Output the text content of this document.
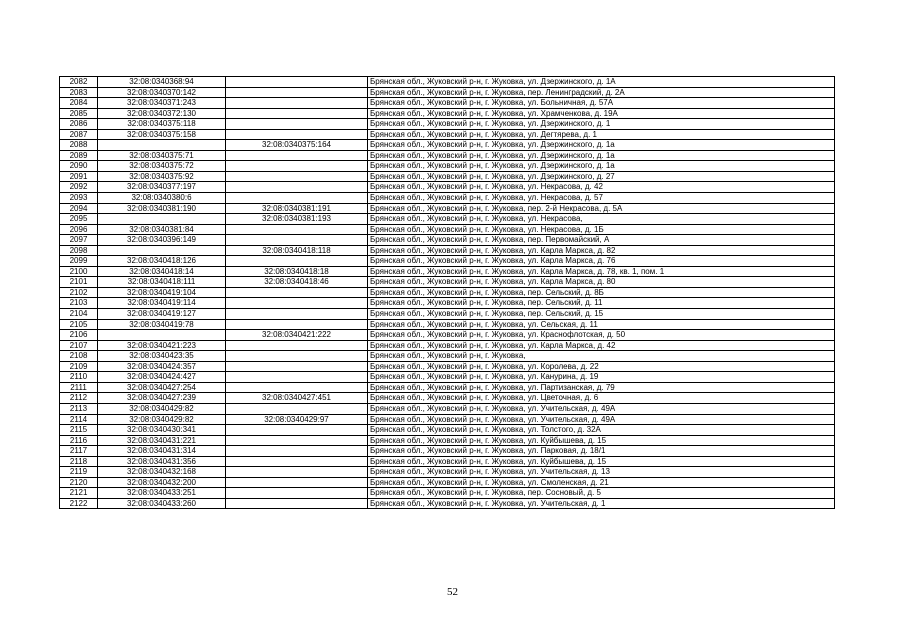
2082	32:08:0340368:94		Брянская обл., Жуковский р-н, г. Жуковка, ул. Дзержинского, д. 1А
2083	32:08:0340370:142		Брянская обл., Жуковский р-н, г. Жуковка, пер. Ленинградский, д. 2А
2084	32:08:0340371:243		Брянская обл., Жуковский р-н, г. Жуковка, ул. Больничная, д. 57А
2085	32:08:0340372:130		Брянская обл., Жуковский р-н, г. Жуковка, ул. Храмченкова, д. 19А
2086	32:08:0340375:118		Брянская обл., Жуковский р-н, г. Жуковка, ул. Дзержинского, д. 1
2087	32:08:0340375:158		Брянская обл., Жуковский р-н, г. Жуковка, ул. Дегтярева, д. 1
2088		32:08:0340375:164	Брянская обл., Жуковский р-н, г. Жуковка, ул. Дзержинского, д. 1а
2089	32:08:0340375:71		Брянская обл., Жуковский р-н, г. Жуковка, ул. Дзержинского, д. 1а
2090	32:08:0340375:72		Брянская обл., Жуковский р-н, г. Жуковка, ул. Дзержинского, д. 1а
2091	32:08:0340375:92		Брянская обл., Жуковский р-н, г. Жуковка, ул. Дзержинского, д. 27
2092	32:08:0340377:197		Брянская обл., Жуковский р-н, г. Жуковка, ул. Некрасова, д. 42
2093	32:08:0340380:6		Брянская обл., Жуковский р-н, г. Жуковка, ул. Некрасова, д. 57
2094	32:08:0340381:190	32:08:0340381:191	Брянская обл., Жуковский р-н, г. Жуковка, пер. 2-й Некрасова, д. 5А
2095		32:08:0340381:193	Брянская обл., Жуковский р-н, г. Жуковка, ул. Некрасова,
2096	32:08:0340381:84		Брянская обл., Жуковский р-н, г. Жуковка, ул. Некрасова, д. 1Б
2097	32:08:0340396:149		Брянская обл., Жуковский р-н, г. Жуковка, пер. Первомайский, А
2098		32:08:0340418:118	Брянская обл., Жуковский р-н, г. Жуковка, ул. Карла Маркса, д. 82
2099	32:08:0340418:126		Брянская обл., Жуковский р-н, г. Жуковка, ул. Карла Маркса, д. 76
2100	32:08:0340418:14	32:08:0340418:18	Брянская обл., Жуковский р-н, г. Жуковка, ул. Карла Маркса, д. 78, кв. 1, пом. 1
2101	32:08:0340418:111	32:08:0340418:46	Брянская обл., Жуковский р-н, г. Жуковка, ул. Карла Маркса, д. 80
2102	32:08:0340419:104		Брянская обл., Жуковский р-н, г. Жуковка, пер. Сельский, д. 8Б
2103	32:08:0340419:114		Брянская обл., Жуковский р-н, г. Жуковка, пер. Сельский, д. 11
2104	32:08:0340419:127		Брянская обл., Жуковский р-н, г. Жуковка, пер. Сельский, д. 15
2105	32:08:0340419:78		Брянская обл., Жуковский р-н, г. Жуковка, ул. Сельская, д. 11
2106		32:08:0340421:222	Брянская обл., Жуковский р-н, г. Жуковка, ул. Краснофлотская, д. 50
2107	32:08:0340421:223		Брянская обл., Жуковский р-н, г. Жуковка, ул. Карла Маркса, д. 42
2108	32:08:0340423:35		Брянская обл., Жуковский р-н, г. Жуковка,
2109	32:08:0340424:357		Брянская обл., Жуковский р-н, г. Жуковка, ул. Королева, д. 22
2110	32:08:0340424:427		Брянская обл., Жуковский р-н, г. Жуковка, ул. Канурина, д. 19
2111	32:08:0340427:254		Брянская обл., Жуковский р-н, г. Жуковка, ул. Партизанская, д. 79
2112	32:08:0340427:239	32:08:0340427:451	Брянская обл., Жуковский р-н, г. Жуковка, ул. Цветочная, д. 6
2113	32:08:0340429:82		Брянская обл., Жуковский р-н, г. Жуковка, ул. Учительская, д. 49А
2114	32:08:0340429:82	32:08:0340429:97	Брянская обл., Жуковский р-н, г. Жуковка, ул. Учительская, д. 49А
2115	32:08:0340430:341		Брянская обл., Жуковский р-н, г. Жуковка, ул. Толстого, д. 32А
2116	32:08:0340431:221		Брянская обл., Жуковский р-н, г. Жуковка, ул. Куйбышева, д. 15
2117	32:08:0340431:314		Брянская обл., Жуковский р-н, г. Жуковка, ул. Парковая, д. 18/1
2118	32:08:0340431:356		Брянская обл., Жуковский р-н, г. Жуковка, ул. Куйбышева, д. 15
2119	32:08:0340432:168		Брянская обл., Жуковский р-н, г. Жуковка, ул. Учительская, д. 13
2120	32:08:0340432:200		Брянская обл., Жуковский р-н, г. Жуковка, ул. Смоленская, д. 21
2121	32:08:0340433:251		Брянская обл., Жуковский р-н, г. Жуковка, пер. Сосновый, д. 5
2122	32:08:0340433:260		Брянская обл., Жуковский р-н, г. Жуковка, ул. Учительская, д. 1
52
